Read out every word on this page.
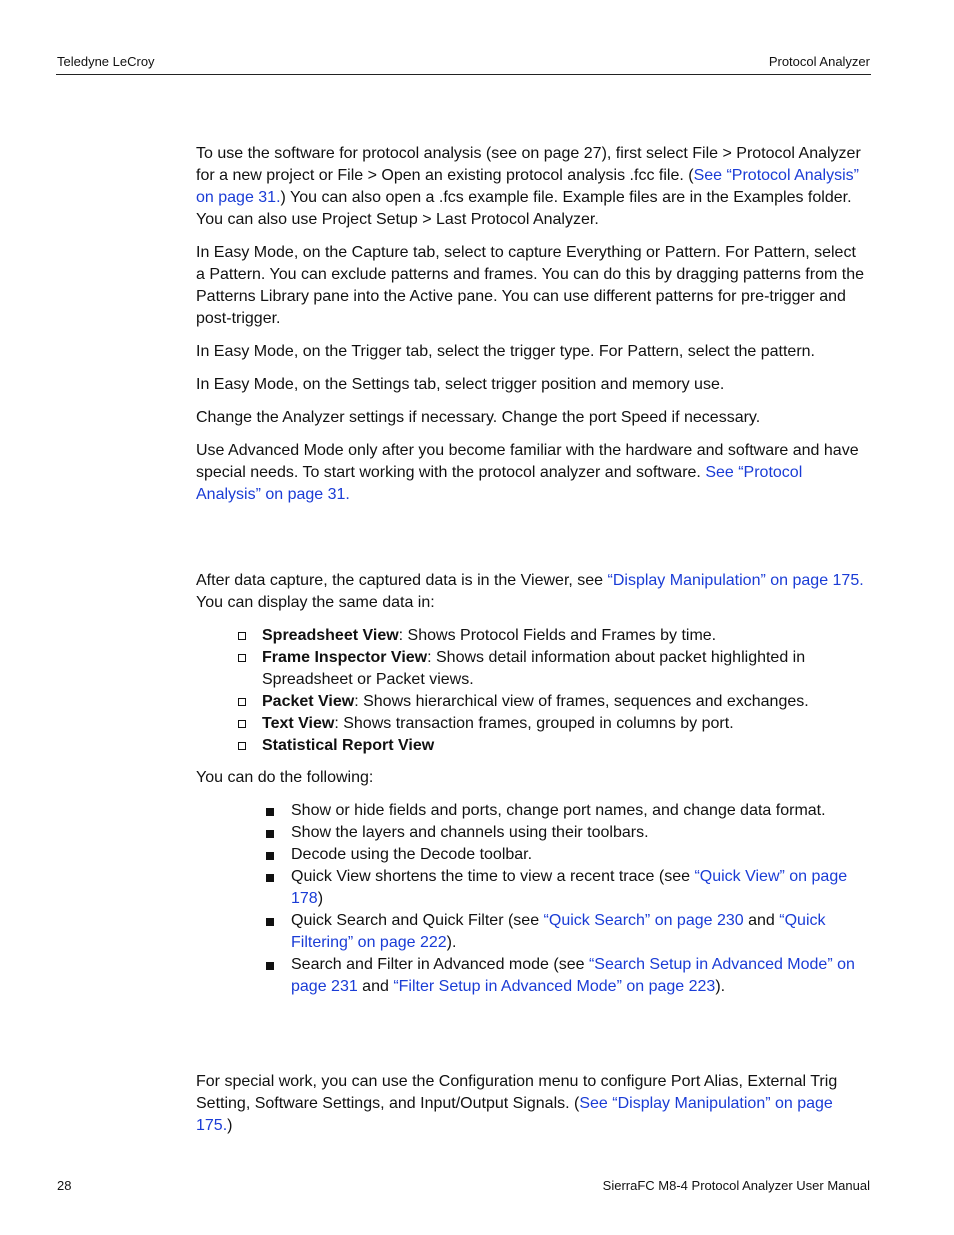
Teledyne LeCroy	Protocol Analyzer

To use the software for protocol analysis (see on page 27), first select File > Protocol Analyzer for a new project or File > Open an existing protocol analysis .fcc file. (See “Protocol Analysis” on page 31.) You can also open a .fcs example file. Example files are in the Examples folder. You can also use Project Setup > Last Protocol Analyzer.

In Easy Mode, on the Capture tab, select to capture Everything or Pattern. For Pattern, select a Pattern. You can exclude patterns and frames. You can do this by dragging patterns from the Patterns Library pane into the Active pane. You can use different patterns for pre-trigger and post-trigger.

In Easy Mode, on the Trigger tab, select the trigger type. For Pattern, select the pattern.

In Easy Mode, on the Settings tab, select trigger position and memory use.

Change the Analyzer settings if necessary. Change the port Speed if necessary.

Use Advanced Mode only after you become familiar with the hardware and software and have special needs. To start working with the protocol analyzer and software. See “Protocol Analysis” on page 31.

After data capture, the captured data is in the Viewer, see “Display Manipulation” on page 175. You can display the same data in:

Spreadsheet View: Shows Protocol Fields and Frames by time.
Frame Inspector View: Shows detail information about packet highlighted in Spreadsheet or Packet views.
Packet View: Shows hierarchical view of frames, sequences and exchanges.
Text View: Shows transaction frames, grouped in columns by port.
Statistical Report View

You can do the following:

Show or hide fields and ports, change port names, and change data format.
Show the layers and channels using their toolbars.
Decode using the Decode toolbar.
Quick View shortens the time to view a recent trace (see “Quick View” on page 178)
Quick Search and Quick Filter (see “Quick Search” on page 230 and “Quick Filtering” on page 222).
Search and Filter in Advanced mode (see “Search Setup in Advanced Mode” on page 231 and “Filter Setup in Advanced Mode” on page 223).

For special work, you can use the Configuration menu to configure Port Alias, External Trig Setting, Software Settings, and Input/Output Signals. (See “Display Manipulation” on page 175.)

28	SierraFC M8-4 Protocol Analyzer User Manual
